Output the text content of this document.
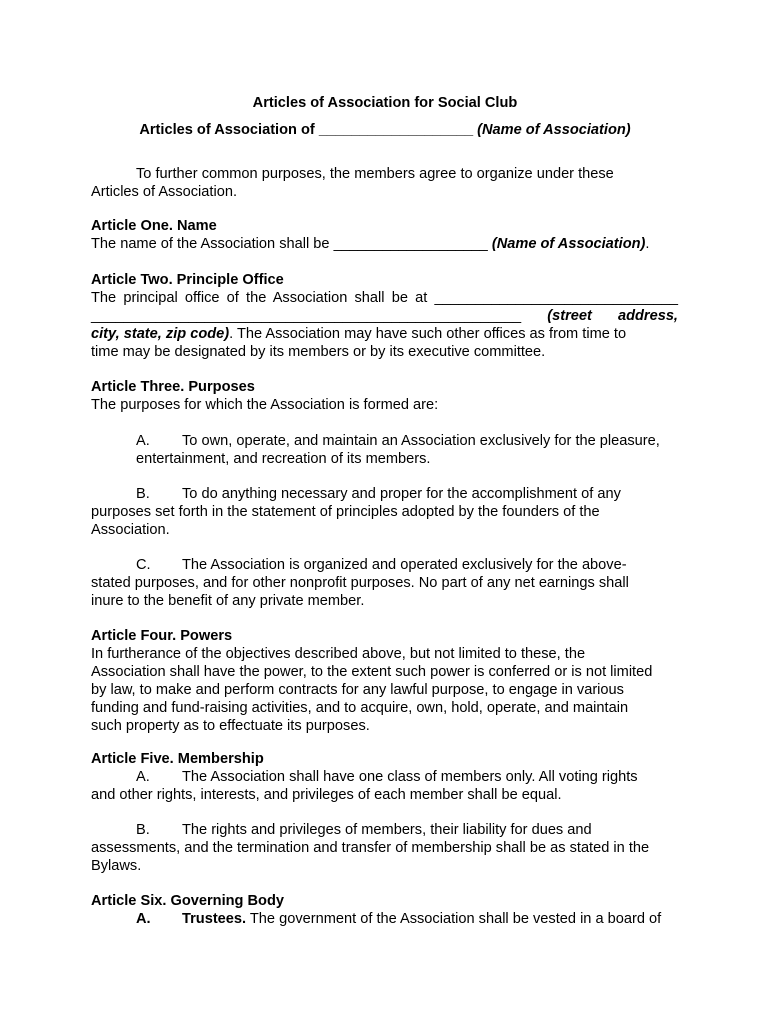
Articles of Association for Social Club
Articles of Association of ___________________ (Name of Association)
To further common purposes, the members agree to organize under these
Articles of Association.
Article One. Name
The name of the Association shall be ___________________ (Name of Association).
Article Two. Principle Office
The principal office of the Association shall be at ______________________________
_____________________________________________________ (street address,
city, state, zip code). The Association may have such other offices as from time to
time may be designated by its members or by its executive committee.
Article Three. Purposes
The purposes for which the Association is formed are:
A. To own, operate, and maintain an Association exclusively for the pleasure,
entertainment, and recreation of its members.
B. To do anything necessary and proper for the accomplishment of any
purposes set forth in the statement of principles adopted by the founders of the
Association.
C. The Association is organized and operated exclusively for the above-
stated purposes, and for other nonprofit purposes. No part of any net earnings shall
inure to the benefit of any private member.
Article Four. Powers
In furtherance of the objectives described above, but not limited to these, the
Association shall have the power, to the extent such power is conferred or is not limited
by law, to make and perform contracts for any lawful purpose, to engage in various
funding and fund-raising activities, and to acquire, own, hold, operate, and maintain
such property as to effectuate its purposes.
Article Five. Membership
A. The Association shall have one class of members only. All voting rights
and other rights, interests, and privileges of each member shall be equal.
B. The rights and privileges of members, their liability for dues and
assessments, and the termination and transfer of membership shall be as stated in the
Bylaws.
Article Six. Governing Body
A. Trustees. The government of the Association shall be vested in a board of
